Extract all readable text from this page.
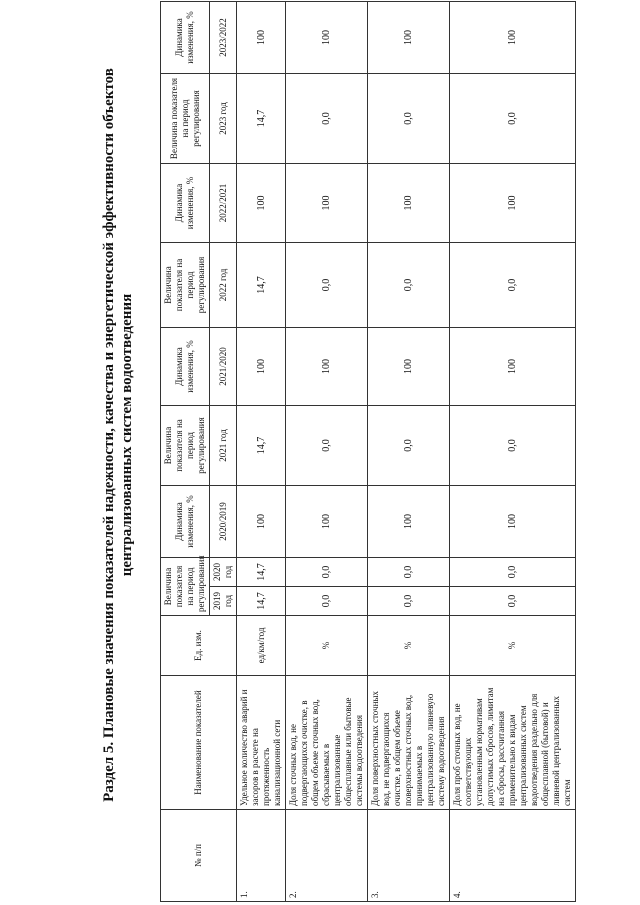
Раздел 5. Плановые значения показателей надежности, качества и энергетической эффективности объектов централизованных систем водоотведения
№ п/п	Наименование показателей	Ед. изм.	Величина показателя на период регулирования		Динамика изменения, %	Величина показателя на период регулирования	Динамика изменения, %	Величина показателя на период регулирования	Динамика изменения, %	Величина показателя на период регулирования	Динамика изменения, %
			2019 год	2020 год							
					2020/2019	2021 год	2021/2020	2022 год	2022/2021	2023 год	2023/2022
1.	Удельное количество аварий и засоров в расчете на протяженность канализационной сети	ед/км/год	14,7	14,7	100	14,7	100	14,7	100	14,7	100
2.	Доля сточных вод, не подвергающихся очистке, в общем объеме сточных вод, сбрасываемых в централизованные общесплавные или бытовые системы водоотведения	%	0,0	0,0	100	0,0	100	0,0	100	0,0	100
3.	Доля поверхностных сточных вод, не подвергающихся очистке, в общем объеме поверхностных сточных вод, принимаемых в централизованную ливневую систему водоотведения	%	0,0	0,0	100	0,0	100	0,0	100	0,0	100
4.	Доля проб сточных вод, не соответствующих установленным нормативам допустимых сбросов, лимитам на сбросы, рассчитанная применительно к видам централизованных систем водоотведения раздельно для общесплавной (бытовой) и ливневой централизованных систем	%	0,0	0,0	100	0,0	100	0,0	100	0,0	100
